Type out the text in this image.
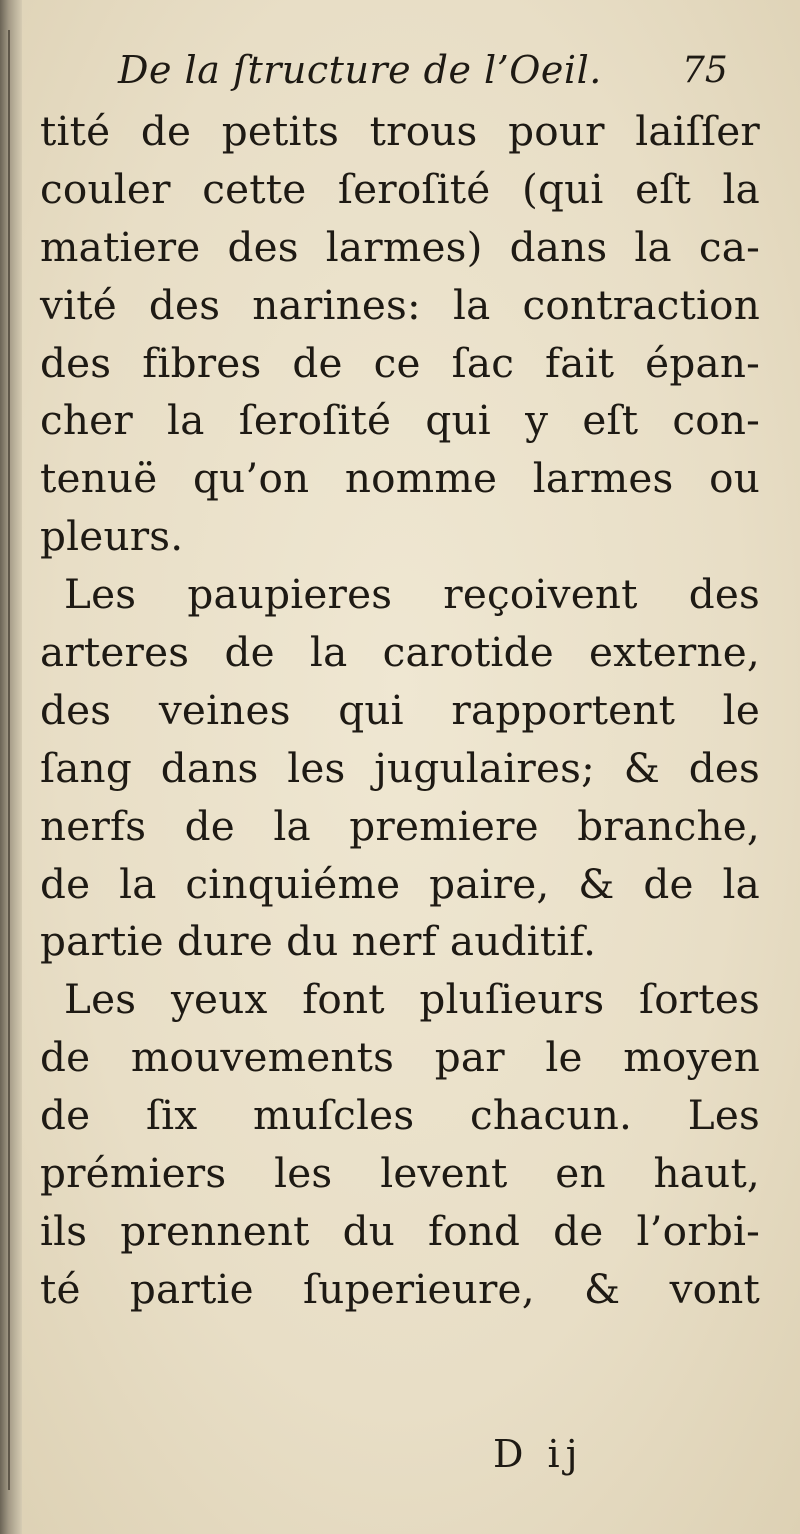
De la ſtructure de l’Oeil. 75
tité de petits trous pour laiſſer
couler cette ſeroſité (qui eſt la
matiere des larmes) dans la ca-
vité des narines: la contraction
des fibres de ce ſac fait épan-
cher la ſeroſité qui y eſt con-
tenuë qu’on nomme larmes ou
pleurs.
Les paupieres reçoivent des
arteres de la carotide externe,
des veines qui rapportent le
ſang dans les jugulaires; & des
nerfs de la premiere branche,
de la cinquiéme paire, & de la
partie dure du nerf auditif.
Les yeux font pluſieurs ſortes
de mouvements par le moyen
de ſix muſcles chacun. Les
prémiers les levent en haut,
ils prennent du fond de l’orbi-
té partie ſuperieure, & vont
D ij
